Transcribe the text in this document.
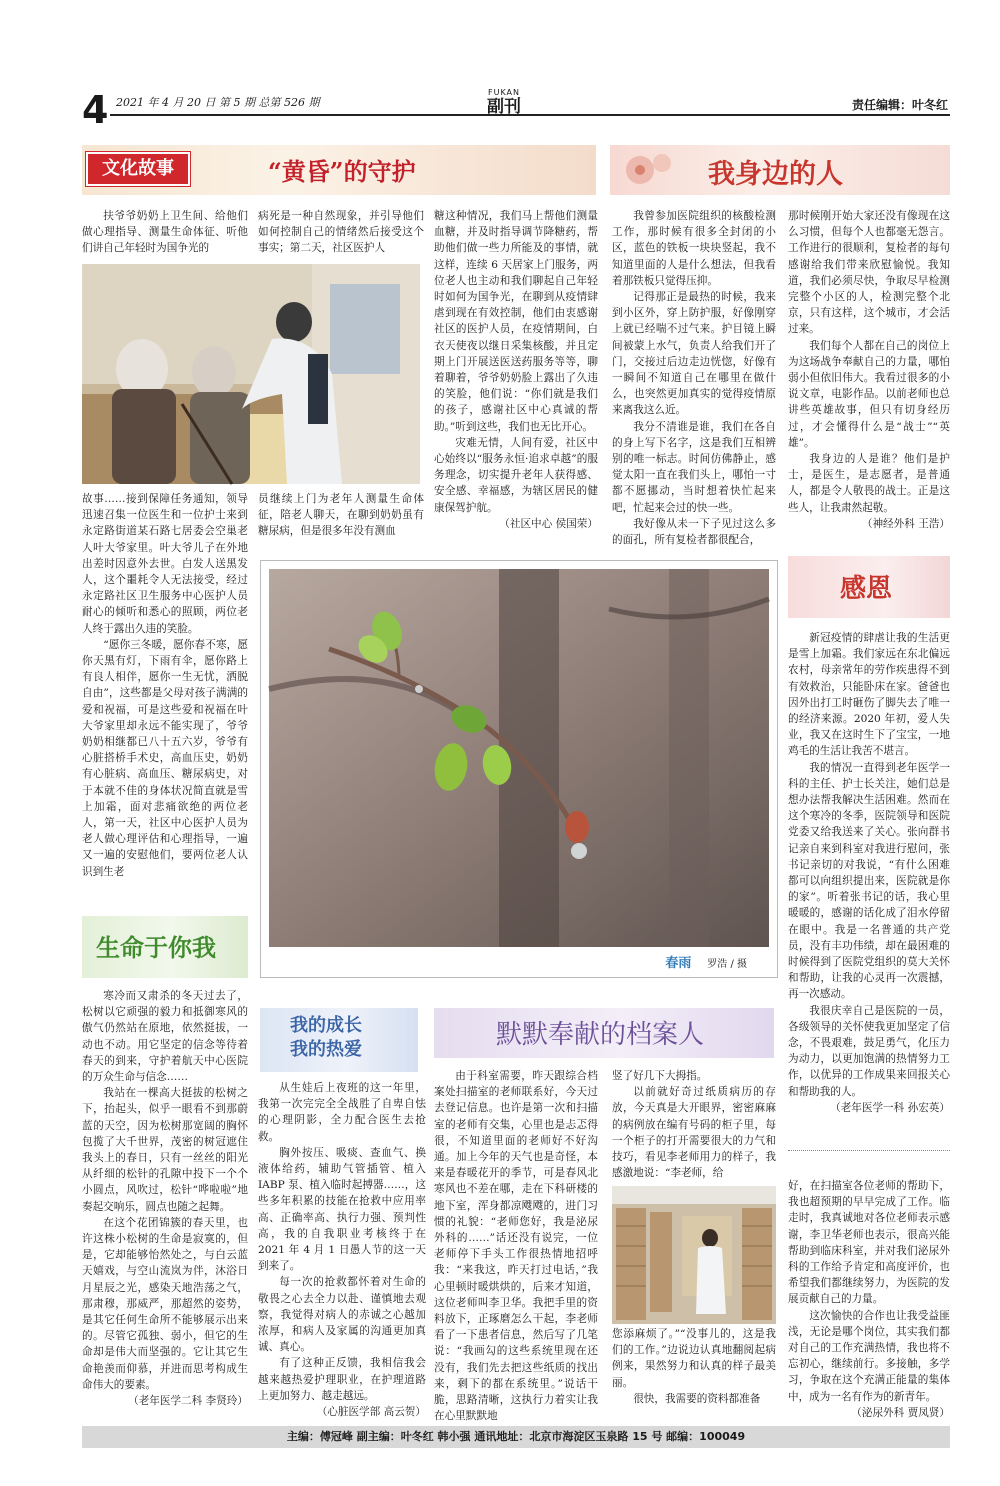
4 2021 年 4 月 20 日 第 5 期 总第 526 期
FUKAN
副刊	责任编辑：叶冬红
文化故事	“黄昏”的守护	我身边的人

扶爷爷奶奶上卫生间、给他们做心理指导、测量生命体征、听他们讲自己年轻时为国争光的

病死是一种自然现象，并引导他们如何控制自己的情绪然后接受这个事实；第二天，社区医护人

故事……接到保障任务通知，领导迅速召集一位医生和一位护士来到永定路街道某石路七居委会空巢老人叶大爷家里。叶大爷儿子在外地出差时因意外去世。白发人送黑发人，这个噩耗令人无法接受，经过永定路社区卫生服务中心医护人员耐心的倾听和悉心的照顾，两位老人终于露出久违的笑脸。

“愿你三冬暖，愿你春不寒，愿你天黑有灯，下雨有伞，愿你路上有良人相伴，愿你一生无忧，洒脱自由”，这些都是父母对孩子满满的爱和祝福，可是这些爱和祝福在叶大爷家里却永远不能实现了，爷爷奶奶相继都已八十五六岁，爷爷有心脏搭桥手术史，高血压史，奶奶有心脏病、高血压、糖尿病史，对于本就不佳的身体状况简直就是雪上加霜，面对悲痛欲绝的两位老人，第一天，社区中心医护人员为老人做心理评估和心理指导，一遍又一遍的安慰他们，要两位老人认识到生老

员继续上门为老年人测量生命体征，陪老人聊天，在聊到奶奶虽有糖尿病，但是很多年没有测血

糖这种情况，我们马上帮他们测量血糖，并及时指导调节降糖药，帮助他们做一些力所能及的事情，就这样，连续 6 天居家上门服务，两位老人也主动和我们聊起自己年轻时如何为国争光，在聊到从疫情肆虐到现在有效控制，他们由衷感谢社区的医护人员，在疫情期间，白衣天使夜以继日采集核酸，并且定期上门开展送医送药服务等等，聊着聊着，爷爷奶奶脸上露出了久违的笑脸，他们说：“你们就是我们的孩子，感谢社区中心真诚的帮助。”听到这些，我们也无比开心。

灾难无情，人间有爱，社区中心始终以“服务永恒·追求卓越”的服务理念，切实提升老年人获得感、安全感、幸福感，为辖区居民的健康保驾护航。

（社区中心 侯国荣）

我曾参加医院组织的核酸检测工作，那时候有很多全封闭的小区，蓝色的铁板一块块竖起，我不知道里面的人是什么想法，但我看着那铁板只觉得压抑。

记得那正是最热的时候，我来到小区外，穿上防护服，好像刚穿上就已经喘不过气来。护目镜上瞬间被蒙上水气，负责人给我们开了门，交接过后边走边恍惚，好像有一瞬间不知道自己在哪里在做什么，也突然更加真实的觉得疫情原来离我这么近。

我分不清谁是谁，我们在各自的身上写下名字，这是我们互相辨别的唯一标志。时间仿佛静止，感觉太阳一直在我们头上，哪怕一寸都不愿挪动，当时想着快忙起来吧，忙起来会过的快一些。

我好像从未一下子见过这么多的面孔，所有复检者都很配合，

那时候刚开始大家还没有像现在这么习惯，但每个人也都毫无怨言。工作进行的很顺利，复检者的每句感谢给我们带来欣慰愉悦。我知道，我们必须尽快，争取尽早检测完整个小区的人，检测完整个北京，只有这样，这个城市，才会活过来。

我们每个人都在自己的岗位上为这场战争奉献自己的力量，哪怕弱小但依旧伟大。我看过很多的小说文章，电影作品。以前老师也总讲些英雄故事，但只有切身经历过，才会懂得什么是“战士”“英雄”。

我身边的人是谁？他们是护士，是医生，是志愿者，是普通人，都是令人敬畏的战士。正是这些人，让我肃然起敬。

（神经外科 王浩）
春雨 罗浩 / 摄
感恩

新冠疫情的肆虐让我的生活更是雪上加霜。我们家远在东北偏远农村，母亲常年的劳作疾患得不到有效救治，只能卧床在家。爸爸也因外出打工时砸伤了脚失去了唯一的经济来源。2020 年初，爱人失业，我又在这时生下了宝宝，一地鸡毛的生活让我苦不堪言。

我的情况一直得到老年医学一科的主任、护士长关注，她们总是想办法帮我解决生活困难。然而在这个寒冷的冬季，医院领导和医院党委又给我送来了关心。张向群书记亲自来到科室对我进行慰问，张书记亲切的对我说，“有什么困难都可以向组织提出来，医院就是你的家”。听着张书记的话，我心里暖暖的，感谢的话化成了泪水停留在眼中。我是一名普通的共产党员，没有丰功伟绩，却在最困难的时候得到了医院党组织的莫大关怀和帮助，让我的心灵再一次震撼，再一次感动。

我很庆幸自己是医院的一员，各级领导的关怀使我更加坚定了信念，不畏艰难，鼓足勇气，化压力为动力，以更加饱满的热情努力工作，以优异的工作成果来回报关心和帮助我的人。

（老年医学一科 孙宏英）
生命于你我

寒冷而又肃杀的冬天过去了，松树以它顽强的毅力和抵御寒风的傲气仍然站在原地，依然挺拔，一动也不动。用它坚定的信念等待着春天的到来，守护着航天中心医院的万众生命与信念……

我站在一棵高大挺拔的松树之下，抬起头，似乎一眼看不到那蔚蓝的天空，因为松树那宽阔的胸怀包揽了大千世界，茂密的树冠遮住我头上的春日，只有一丝丝的阳光从纤细的松针的孔隙中投下一个个小圆点，风吹过，松针“哗啦啦”地奏起交响乐，圆点也随之起舞。

在这个花团锦簇的春天里，也许这株小松树的生命是寂寞的，但是，它却能够怡然处之，与白云蓝天嬉戏，与空山流岚为伴，沐浴日月星辰之光，感染天地浩荡之气，那肃穆，那威严，那超然的姿势，是其它任何生命所不能够展示出来的。尽管它孤独、弱小，但它的生命却是伟大而坚强的。它让其它生命艳羡而仰慕，并进而思考构成生命伟大的要素。

（老年医学二科 李贤玲）
我的成长
我的热爱

从生娃后上夜班的这一年里，我第一次完完全全战胜了自卑自怯的心理阴影，全力配合医生去抢救。

胸外按压、吸痰、查血气、换液体给药，辅助气管插管、植入 IABP 泵、植入临时起搏器……，这些多年积累的技能在抢救中应用率高、正确率高、执行力强、预判性高，我的自我职业考核终于在 2021 年 4 月 1 日愚人节的这一天到来了。

每一次的抢救都怀着对生命的敬畏之心去全力以赴、谨慎地去观察，我觉得对病人的赤诚之心越加浓厚，和病人及家属的沟通更加真诚、真心。

有了这种正反馈，我相信我会越来越热爱护理职业，在护理道路上更加努力、越走越远。

（心脏医学部 高云贺）
默默奉献的档案人

由于科室需要，昨天跟综合档案处扫描室的老师联系好，今天过去登记信息。也许是第一次和扫描室的老师有交集，心里也是忐忑得很，不知道里面的老师好不好沟通。加上今年的天气也是奇怪，本来是春暖花开的季节，可是春风北寒风也不差在哪，走在下科研楼的地下室，浑身都凉飕飕的，进门习惯的礼貌：“老师您好，我是泌尿外科的……”话还没有说完，一位老师停下手头工作很热情地招呼我：“来我这，昨天打过电话，”我心里顿时暖烘烘的，后来才知道，这位老师叫李卫华。我把手里的资料放下，正琢磨怎么干起，李老师看了一下患者信息，然后写了几笔说：“我画勾的这些系统里现在还没有，我们先去把这些纸质的找出来，剩下的都在系统里。”说话干脆，思路清晰，这执行力着实让我在心里默默地

竖了好几下大拇指。

以前就好奇过纸质病历的存放，今天真是大开眼界，密密麻麻的病例放在编有号码的柜子里，每一个柜子的打开需要很大的力气和技巧，看见李老师用力的样子，我感激地说：“李老师，给

您添麻烦了。”“没事儿的，这是我们的工作。”边说边认真地翻阅起病例来，果然努力和认真的样子最美丽。

很快，我需要的资料都准备

好，在扫描室各位老师的帮助下，我也超预期的早早完成了工作。临走时，我真诚地对各位老师表示感谢，李卫华老师也表示，很高兴能帮助到临床科室，并对我们泌尿外科的工作给予肯定和高度评价，也希望我们都继续努力，为医院的发展贡献自己的力量。

这次愉快的合作也让我受益匪浅，无论是哪个岗位，其实我们都对自己的工作充满热情，我也将不忘初心，继续前行。多接触，多学习，争取在这个充满正能量的集体中，成为一名有作为的新青年。

（泌尿外科 贾凤贤）
主编：傅冠峰 副主编：叶冬红 韩小强 通讯地址：北京市海淀区玉泉路 15 号 邮编：100049
